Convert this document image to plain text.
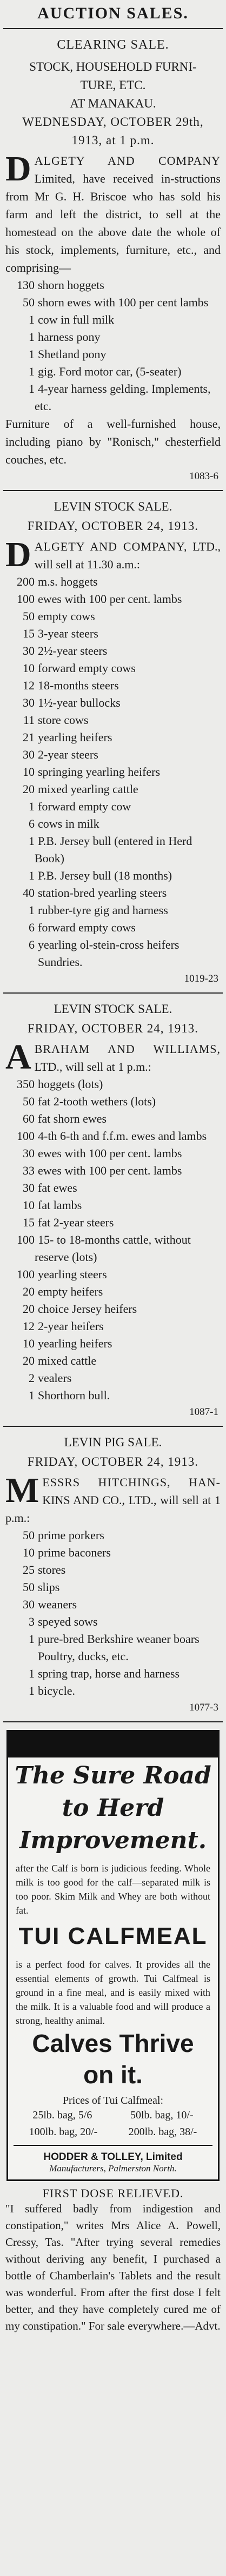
AUCTION SALES.
CLEARING SALE.
STOCK, HOUSEHOLD FURNI-
TURE, ETC.
AT MANAKAU.
WEDNESDAY, OCTOBER 29th,
1913, at 1 p.m.
D ALGETY AND COMPANY Limited, have received in-structions from Mr G. H. Briscoe who has sold his farm and left the district, to sell at the homestead on the above date the whole of his stock, implements, furniture, etc., and comprising—
130 shorn hoggets
50 shorn ewes with 100 per cent lambs
1 cow in full milk
1 harness pony
1 Shetland pony
1 gig. Ford motor car, (5-seater)
1 4-year harness gelding. Implements, etc.
Furniture of a well-furnished house, including piano by "Ronisch," chesterfield couches, etc.
1083-6
LEVIN STOCK SALE.
FRIDAY, OCTOBER 24, 1913.
D ALGETY AND COMPANY, LTD., will sell at 11.30 a.m.:
200 m.s. hoggets
100 ewes with 100 per cent. lambs
50 empty cows
15 3-year steers
30 2½-year steers
10 forward empty cows
12 18-months steers
30 1½-year bullocks
11 store cows
21 yearling heifers
30 2-year steers
10 springing yearling heifers
20 mixed yearling cattle
1 forward empty cow
6 cows in milk
1 P.B. Jersey bull (entered in Herd Book)
1 P.B. Jersey bull (18 months)
40 station-bred yearling steers
1 rubber-tyre gig and harness
6 forward empty cows
6 yearling ol-stein-cross heifers
Sundries.
1019-23
LEVIN STOCK SALE.
FRIDAY, OCTOBER 24, 1913.
A BRAHAM AND WILLIAMS, LTD., will sell at 1 p.m.:
350 hoggets (lots)
50 fat 2-tooth wethers (lots)
60 fat shorn ewes
100 4-th 6-th and f.f.m. ewes and lambs
30 ewes with 100 per cent. lambs
33 ewes with 100 per cent. lambs
30 fat ewes
10 fat lambs
15 fat 2-year steers
100 15- to 18-months cattle, without reserve (lots)
100 yearling steers
20 empty heifers
20 choice Jersey heifers
12 2-year heifers
10 yearling heifers
20 mixed cattle
2 vealers
1 Shorthorn bull.
1087-1
LEVIN PIG SALE.
FRIDAY, OCTOBER 24, 1913.
M ESSRS HITCHINGS, HAN- KINS AND CO., LTD., will sell at 1 p.m.:
50 prime porkers
10 prime baconers
25 stores
50 slips
30 weaners
3 speyed sows
1 pure-bred Berkshire weaner boars
Poultry, ducks, etc.
1 spring trap, horse and harness
1 bicycle.
1077-3
The Sure Road
to Herd
Improvement.
after the Calf is born is judicious feeding. Whole milk is too good for the calf—separated milk is too poor. Skim Milk and Whey are both without fat.
TUI CALFMEAL
is a perfect food for calves. It provides all the essential elements of growth. Tui Calfmeal is ground in a fine meal, and is easily mixed with the milk. It is a valuable food and will produce a strong, healthy animal.
Calves Thrive
on it.
Prices of Tui Calfmeal:
25lb. bag, 5/6	50lb. bag, 10/-
100lb. bag, 20/-	200lb. bag, 38/-
HODDER & TOLLEY, Limited
Manufacturers, Palmerston North.
FIRST DOSE RELIEVED.
"I suffered badly from indigestion and constipation," writes Mrs Alice A. Powell, Cressy, Tas. "After trying several remedies without deriving any benefit, I purchased a bottle of Chamberlain's Tablets and the result was wonderful. From after the first dose I felt better, and they have completely cured me of my constipation." For sale everywhere.—Advt.
